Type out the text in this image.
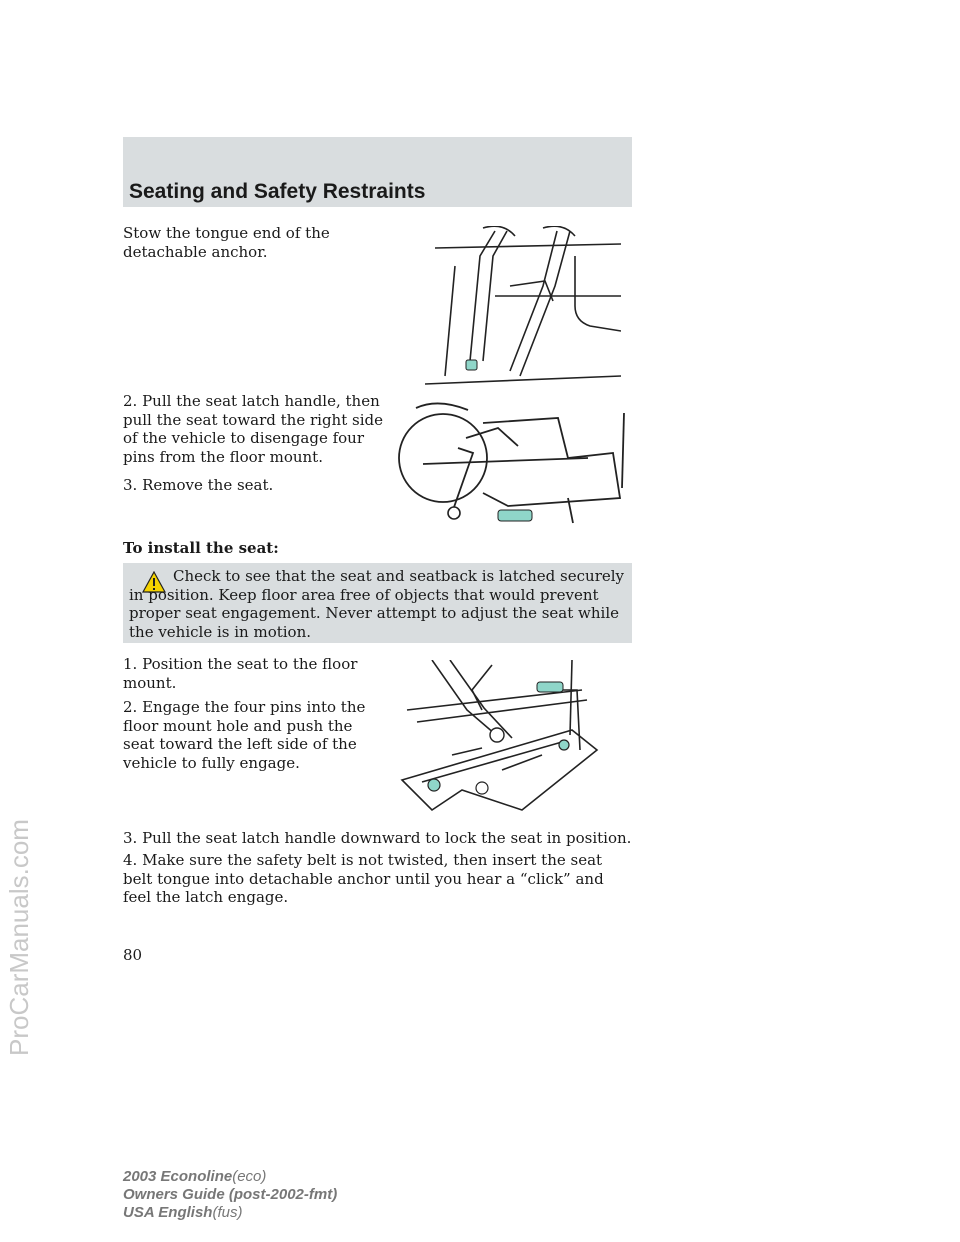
Seating and Safety Restraints

Stow the tongue end of the detachable anchor.

2. Pull the seat latch handle, then pull the seat toward the right side of the vehicle to disengage four pins from the floor mount.

3. Remove the seat.

To install the seat:

Check to see that the seat and seatback is latched securely in position. Keep floor area free of objects that would prevent proper seat engagement. Never attempt to adjust the seat while the vehicle is in motion.

1. Position the seat to the floor mount.

2. Engage the four pins into the floor mount hole and push the seat toward the left side of the vehicle to fully engage.

3. Pull the seat latch handle downward to lock the seat in position.

4. Make sure the safety belt is not twisted, then insert the seat belt tongue into detachable anchor until you hear a “click” and feel the latch engage.

80
2003 Econoline(eco)
Owners Guide (post-2002-fmt)
USA English(fus)
ProCarManuals.com
